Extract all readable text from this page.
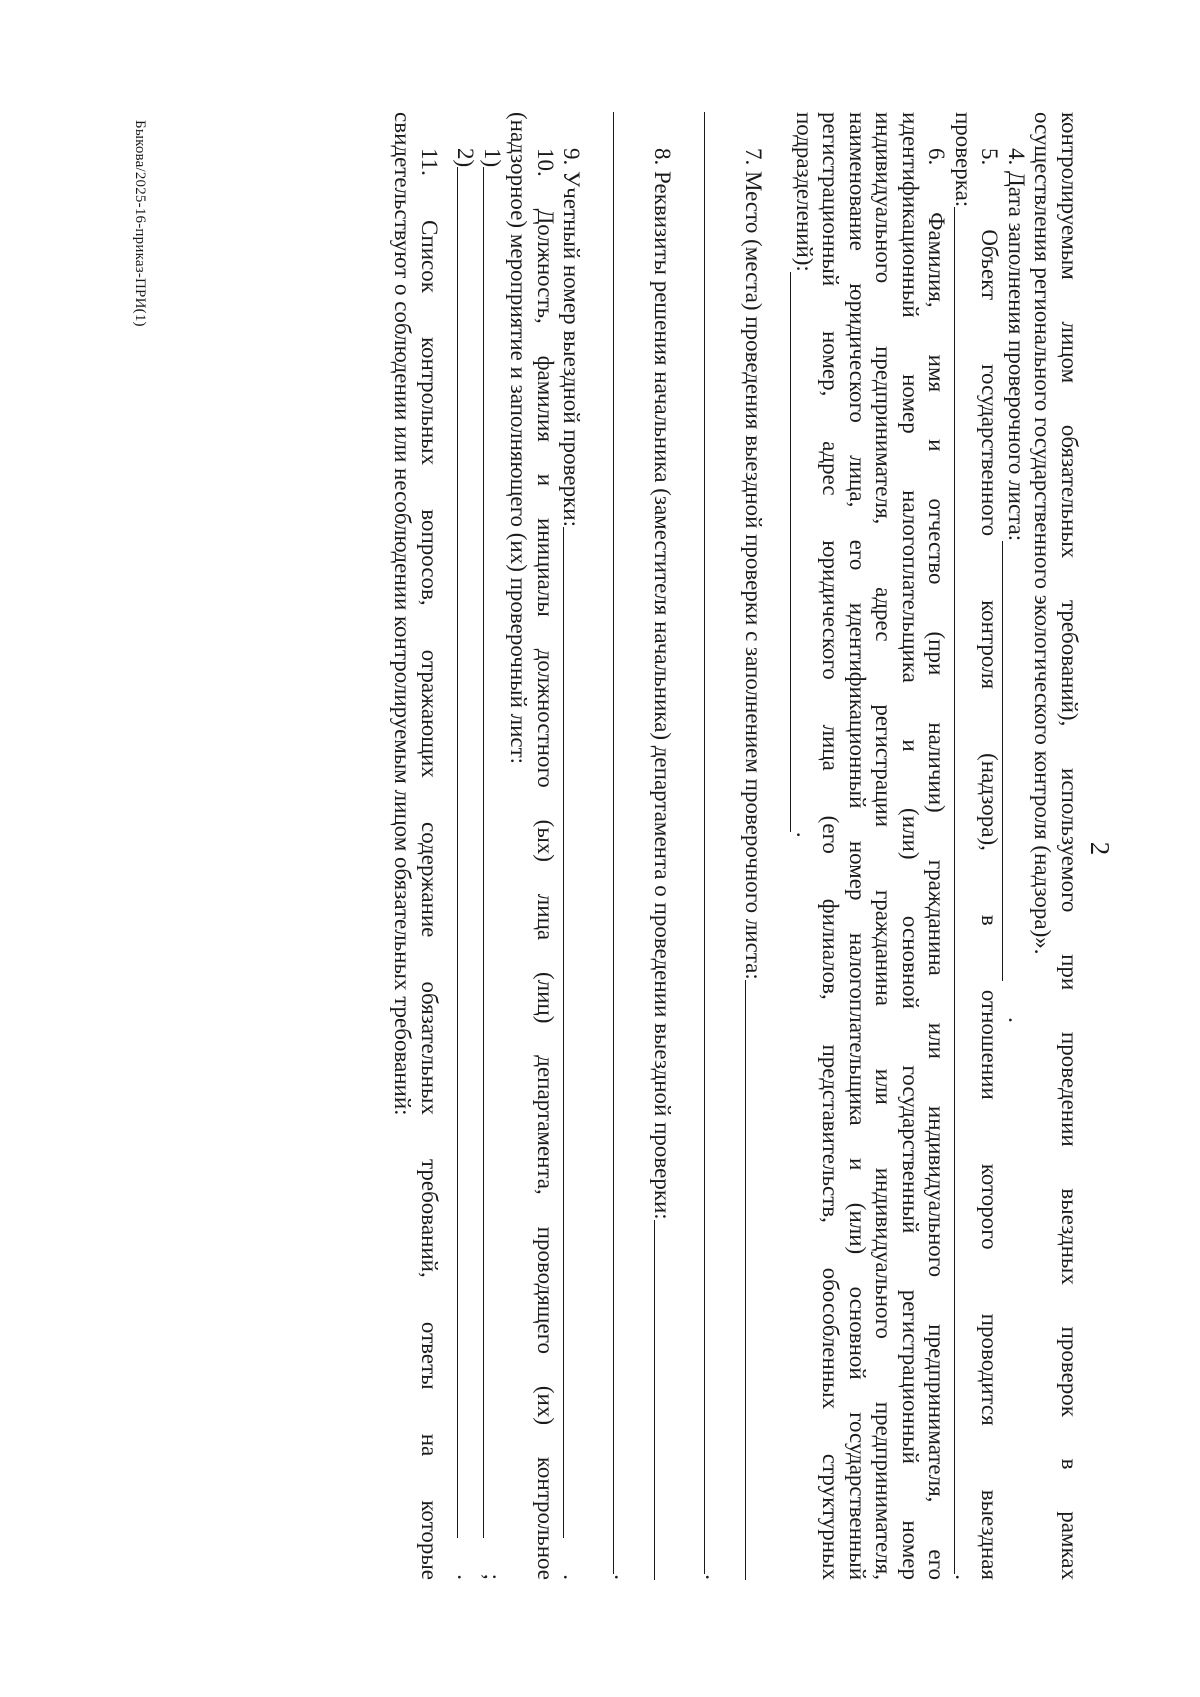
2

контролируемым лицом обязательных требований), используемого при проведении выездных проверок в рамках

осуществления регионального государственного экологического контроля (надзора)».

4. Дата заполнения проверочного листа:
.

5. Объект государственного контроля (надзора), в отношении которого проводится выездная

проверка:
.

6. Фамилия, имя и отчество (при наличии) гражданина или индивидуального предпринимателя, его

идентификационный номер налогоплательщика и (или) основной государственный регистрационный номер

индивидуального предпринимателя, адрес регистрации гражданина или индивидуального предпринимателя,

наименование юридического лица, его идентификационный номер налогоплательщика и (или) основной государственный

регистрационный номер, адрес юридического лица (его филиалов, представительств, обособленных структурных

подразделений):
.
7. Место (места) проведения выездной проверки с заполнением проверочного листа:
.
8. Реквизиты решения начальника (заместителя начальника) департамента о проведении выездной проверки:
.
9. Учетный номер выездной проверки:
.

10. Должность, фамилия и инициалы должностного (ых) лица (лиц) департамента, проводящего (их) контрольное

(надзорное) мероприятие и заполняющего (их) проверочный лист:

1)
;
2)
.

11. Список контрольных вопросов, отражающих содержание обязательных требований, ответы на которые

свидетельствуют о соблюдении или несоблюдении контролируемым лицом обязательных требований:

Быкова/2025-16-приказ-ПРИ(1)
